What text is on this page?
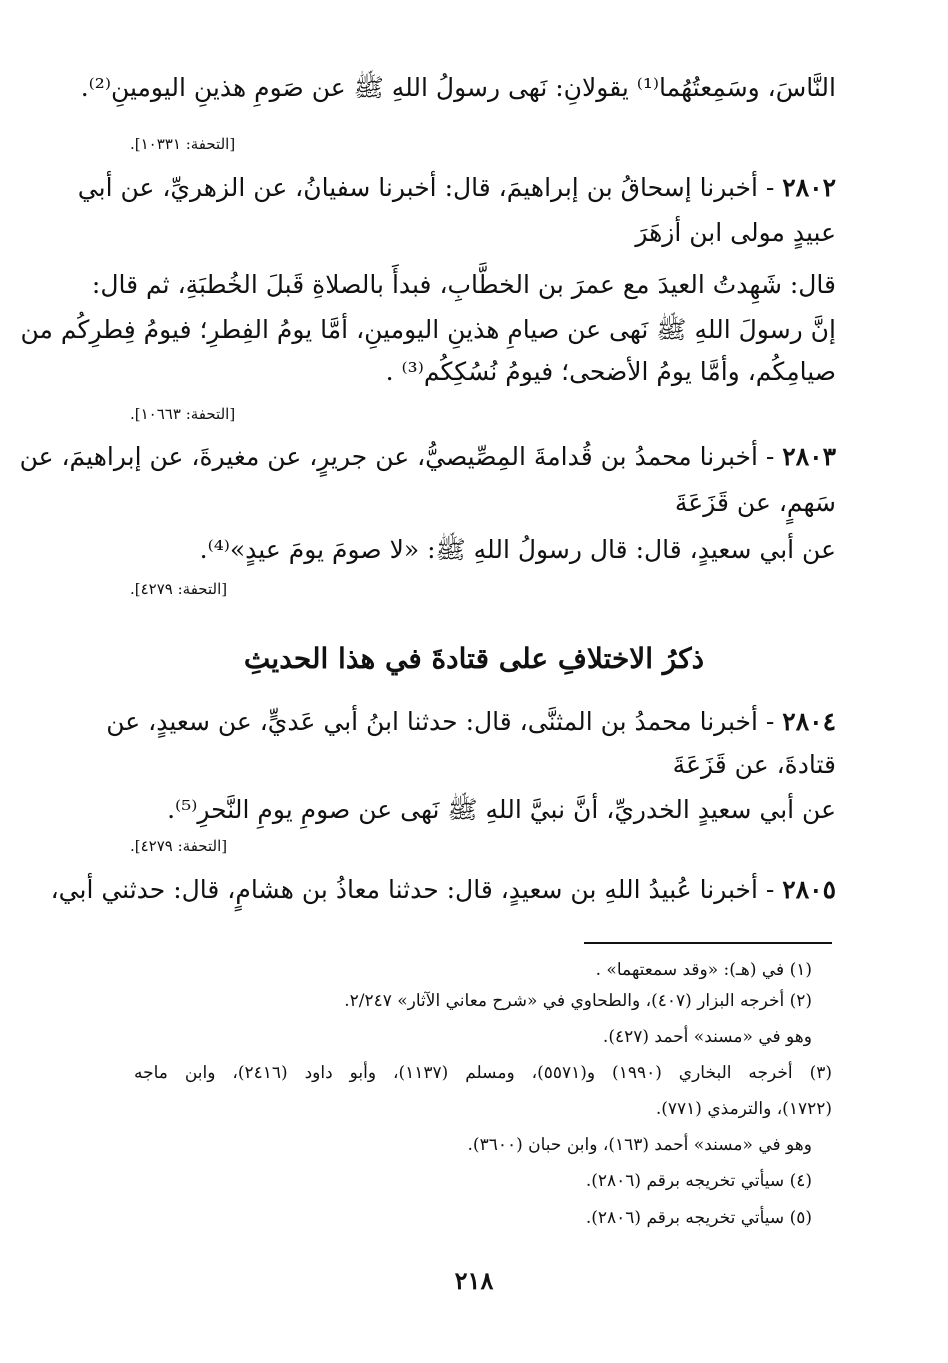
النَّاسَ، وسَمِعتُهُما⁽¹⁾ يقولانِ: نَهى رسولُ اللهِ ﷺ عن صَومِ هذينِ اليومينِ⁽²⁾.
[التحفة: ١٠٣٣١].
٢٨٠٢ - أخبرنا إسحاقُ بن إبراهيمَ، قال: أخبرنا سفيانُ، عن الزهريِّ، عن أبي
عبيدٍ مولى ابن أزهَرَ
قال: شَهِدتُ العيدَ مع عمرَ بن الخطَّابِ، فبدأَ بالصلاةِ قَبلَ الخُطبَةِ، ثم قال:
إنَّ رسولَ اللهِ ﷺ نَهى عن صيامِ هذينِ اليومينِ، أمَّا يومُ الفِطرِ؛ فيومُ فِطرِكُم من
صيامِكُم، وأمَّا يومُ الأضحى؛ فيومُ نُسُكِكُم⁽³⁾ .
[التحفة: ١٠٦٦٣].
٢٨٠٣ - أخبرنا محمدُ بن قُدامةَ المِصِّيصيُّ، عن جريرٍ، عن مغيرةَ، عن إبراهيمَ، عن
سَهمٍ، عن قَزَعَةَ
عن أبي سعيدٍ، قال: قال رسولُ اللهِ ﷺ: «لا صومَ يومَ عيدٍ»⁽⁴⁾.
[التحفة: ٤٢٧٩].
ذكرُ الاختلافِ على قتادةَ في هذا الحديثِ
٢٨٠٤ - أخبرنا محمدُ بن المثنَّى، قال: حدثنا ابنُ أبي عَديٍّ، عن سعيدٍ، عن
قتادةَ، عن قَزَعَةَ
عن أبي سعيدٍ الخدريِّ، أنَّ نبيَّ اللهِ ﷺ نَهى عن صومِ يومِ النَّحرِ⁽⁵⁾.
[التحفة: ٤٢٧٩].
٢٨٠٥ - أخبرنا عُبيدُ اللهِ بن سعيدٍ، قال: حدثنا معاذُ بن هشامٍ، قال: حدثني أبي،
(١) في (هـ): «وقد سمعتهما» .
(٢) أخرجه البزار (٤٠٧)، والطحاوي في «شرح معاني الآثار» ٢/٢٤٧.
وهو في «مسند» أحمد (٤٢٧).
(٣) أخرجه البخاري (١٩٩٠) و(٥٥٧١)، ومسلم (١١٣٧)، وأبو داود (٢٤١٦)، وابن ماجه
(١٧٢٢)، والترمذي (٧٧١).
وهو في «مسند» أحمد (١٦٣)، وابن حبان (٣٦٠٠).
(٤) سيأتي تخريجه برقم (٢٨٠٦).
(٥) سيأتي تخريجه برقم (٢٨٠٦).
٢١٨
